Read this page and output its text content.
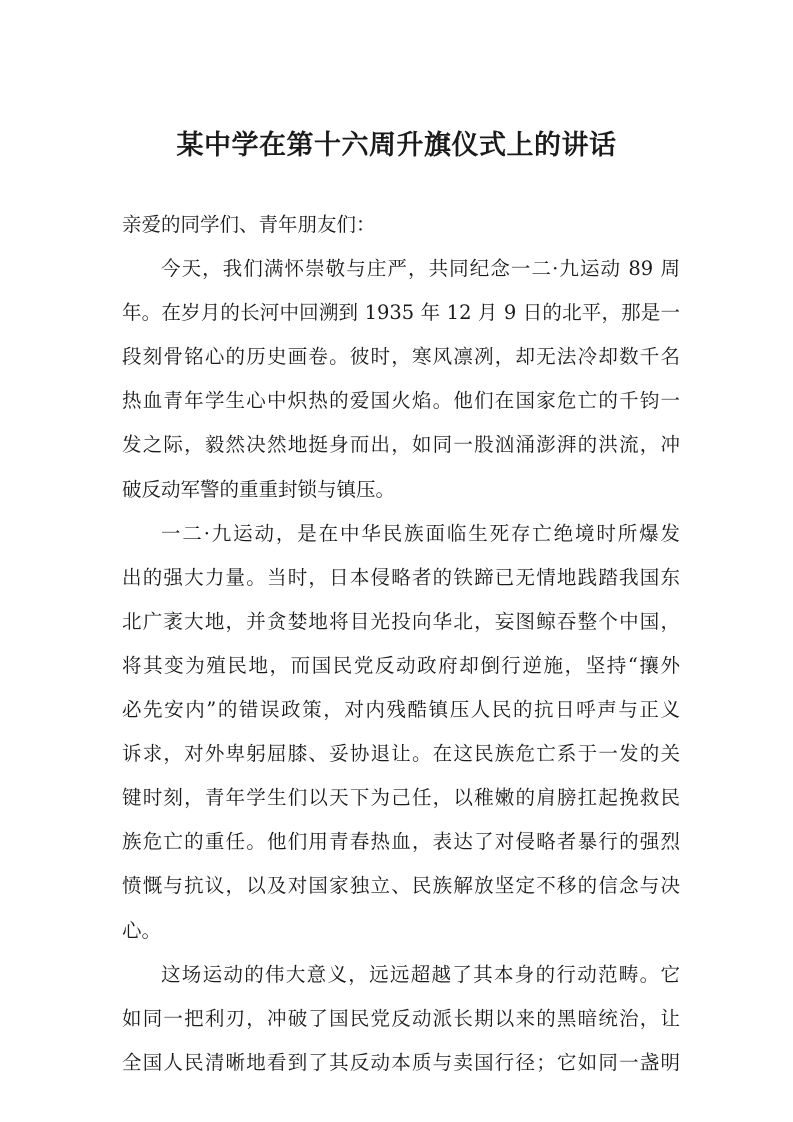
某中学在第十六周升旗仪式上的讲话
亲爱的同学们、青年朋友们：
今天，我们满怀崇敬与庄严，共同纪念一二·九运动 89 周
年。在岁月的长河中回溯到 1935 年 12 月 9 日的北平，那是一
段刻骨铭心的历史画卷。彼时，寒风凛冽，却无法冷却数千名
热血青年学生心中炽热的爱国火焰。他们在国家危亡的千钧一
发之际，毅然决然地挺身而出，如同一股汹涌澎湃的洪流，冲
破反动军警的重重封锁与镇压。
一二·九运动，是在中华民族面临生死存亡绝境时所爆发
出的强大力量。当时，日本侵略者的铁蹄已无情地践踏我国东
北广袤大地，并贪婪地将目光投向华北，妄图鲸吞整个中国，
将其变为殖民地，而国民党反动政府却倒行逆施，坚持“攘外
必先安内”的错误政策，对内残酷镇压人民的抗日呼声与正义
诉求，对外卑躬屈膝、妥协退让。在这民族危亡系于一发的关
键时刻，青年学生们以天下为己任，以稚嫩的肩膀扛起挽救民
族危亡的重任。他们用青春热血，表达了对侵略者暴行的强烈
愤慨与抗议，以及对国家独立、民族解放坚定不移的信念与决
心。
这场运动的伟大意义，远远超越了其本身的行动范畴。它
如同一把利刃，冲破了国民党反动派长期以来的黑暗统治，让
全国人民清晰地看到了其反动本质与卖国行径；它如同一盏明
